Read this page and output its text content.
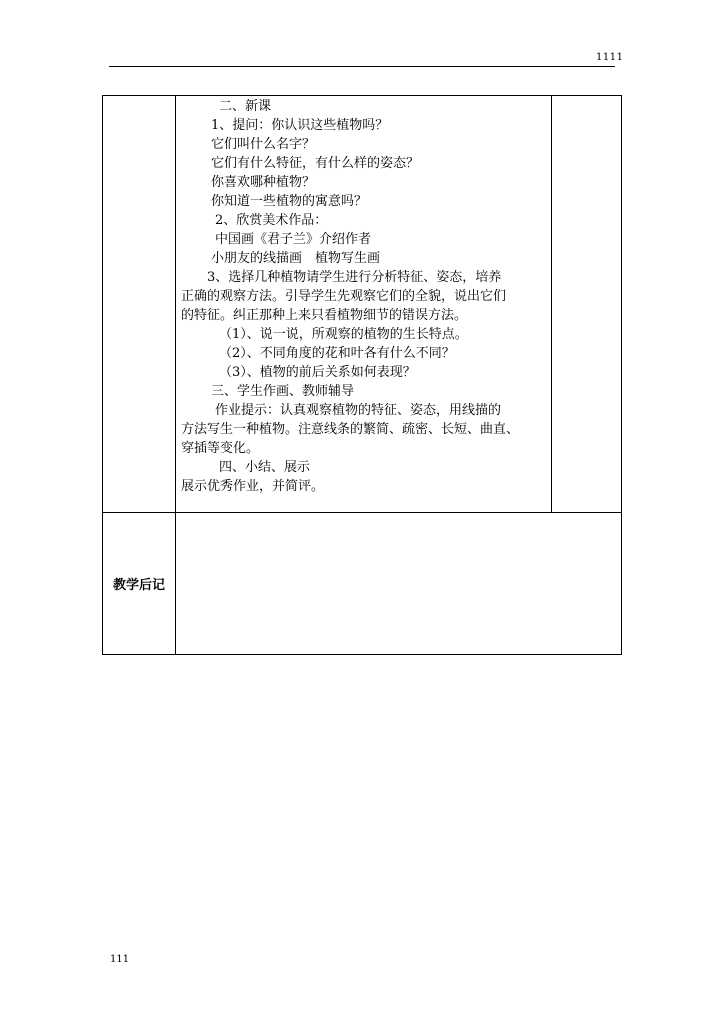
1111
二、新课
1、提问：你认识这些植物吗？
它们叫什么名字？
它们有什么特征，有什么样的姿态？
你喜欢哪种植物？
你知道一些植物的寓意吗？
2、欣赏美术作品：
中国画《君子兰》介绍作者
小朋友的线描画　植物写生画
3、选择几种植物请学生进行分析特征、姿态，培养
正确的观察方法。引导学生先观察它们的全貌，说出它们
的特征。纠正那种上来只看植物细节的错误方法。
（1）、说一说，所观察的植物的生长特点。
（2）、不同角度的花和叶各有什么不同？
（3）、植物的前后关系如何表现？
三、学生作画、教师辅导
作业提示：认真观察植物的特征、姿态，用线描的
方法写生一种植物。注意线条的繁简、疏密、长短、曲直、
穿插等变化。
四、小结、展示
展示优秀作业，并简评。
教学后记
111
